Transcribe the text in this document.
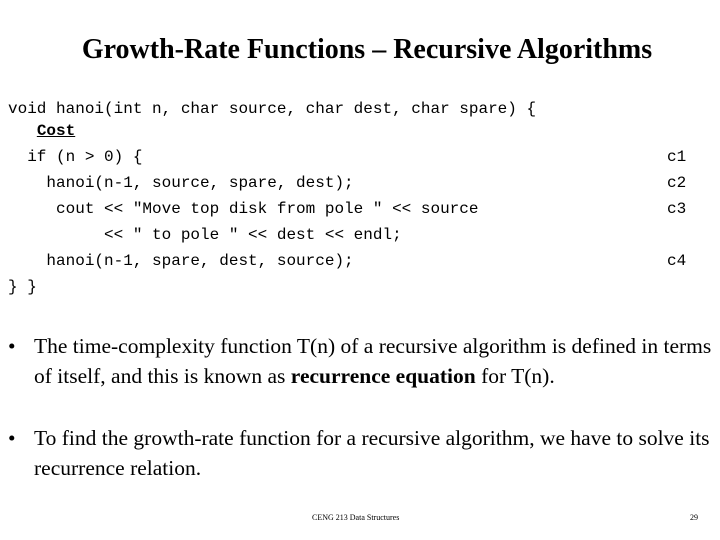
Growth-Rate Functions – Recursive Algorithms
void hanoi(int n, char source, char dest, char spare) {
Cost
if (n > 0) {
hanoi(n-1, source, spare, dest);
cout << "Move top disk from pole " << source
<< " to pole " << dest << endl;
hanoi(n-1, spare, dest, source);
} }
c1
c2
c3
c4
• The time-complexity function T(n) of a recursive algorithm is defined in terms of itself, and this is known as recurrence equation for T(n).
• To find the growth-rate function for a recursive algorithm, we have to solve its recurrence relation.
CENG 213 Data Structures	29
